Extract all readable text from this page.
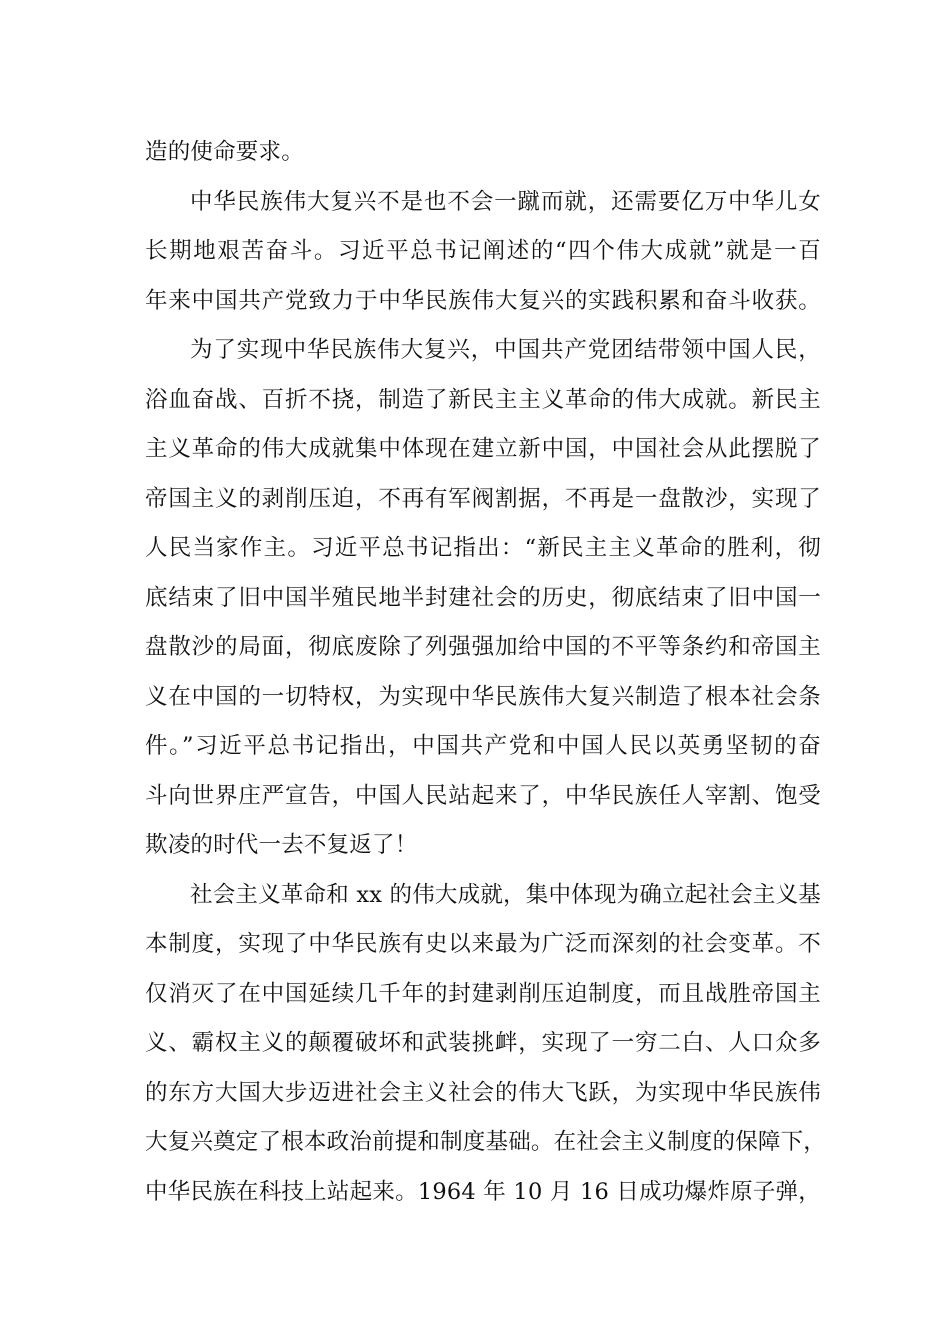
造的使命要求。
中华民族伟大复兴不是也不会一蹴而就，还需要亿万中华儿女
长期地艰苦奋斗。习近平总书记阐述的“四个伟大成就”就是一百
年来中国共产党致力于中华民族伟大复兴的实践积累和奋斗收获。
为了实现中华民族伟大复兴，中国共产党团结带领中国人民，
浴血奋战、百折不挠，制造了新民主主义革命的伟大成就。新民主
主义革命的伟大成就集中体现在建立新中国，中国社会从此摆脱了
帝国主义的剥削压迫，不再有军阀割据，不再是一盘散沙，实现了
人民当家作主。习近平总书记指出：“新民主主义革命的胜利，彻
底结束了旧中国半殖民地半封建社会的历史，彻底结束了旧中国一
盘散沙的局面，彻底废除了列强强加给中国的不平等条约和帝国主
义在中国的一切特权，为实现中华民族伟大复兴制造了根本社会条
件。”习近平总书记指出，中国共产党和中国人民以英勇坚韧的奋
斗向世界庄严宣告，中国人民站起来了，中华民族任人宰割、饱受
欺凌的时代一去不复返了！
社会主义革命和 xx 的伟大成就，集中体现为确立起社会主义基
本制度，实现了中华民族有史以来最为广泛而深刻的社会变革。不
仅消灭了在中国延续几千年的封建剥削压迫制度，而且战胜帝国主
义、霸权主义的颠覆破坏和武装挑衅，实现了一穷二白、人口众多
的东方大国大步迈进社会主义社会的伟大飞跃，为实现中华民族伟
大复兴奠定了根本政治前提和制度基础。在社会主义制度的保障下，
中华民族在科技上站起来。1964 年 10 月 16 日成功爆炸原子弹，
